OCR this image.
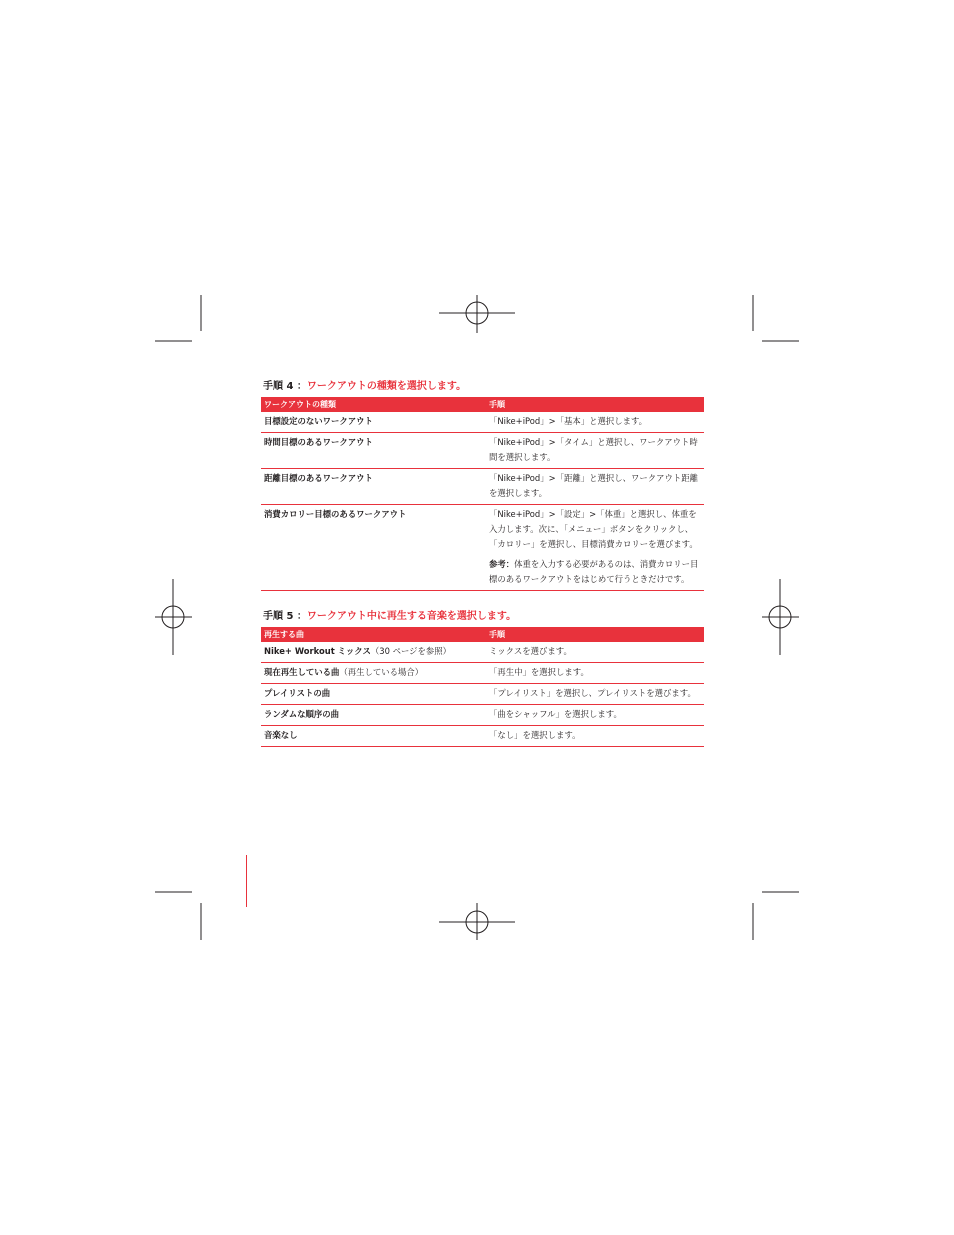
手順 4 ：ワークアウトの種類を選択します。
ワークアウトの種類	手順
目標設定のないワークアウト	「Nike+iPod」>「基本」と選択します。
時間目標のあるワークアウト	「Nike+iPod」>「タイム」と選択し、ワークアウト時間を選択します。
距離目標のあるワークアウト	「Nike+iPod」>「距離」と選択し、ワークアウト距離を選択します。
消費カロリー目標のあるワークアウト	「Nike+iPod」>「設定」>「体重」と選択し、体重を入力します。次に、「メニュー」ボタンをクリックし、「カロリー」を選択し、目標消費カロリーを選びます。
参考：体重を入力する必要があるのは、消費カロリー目標のあるワークアウトをはじめて行うときだけです。
手順 5 ：ワークアウト中に再生する音楽を選択します。
再生する曲	手順
Nike+ Workout ミックス（30 ページを参照）	ミックスを選びます。
現在再生している曲（再生している場合）	「再生中」を選択します。
プレイリストの曲	「プレイリスト」を選択し、プレイリストを選びます。
ランダムな順序の曲	「曲をシャッフル」を選択します。
音楽なし	「なし」を選択します。
